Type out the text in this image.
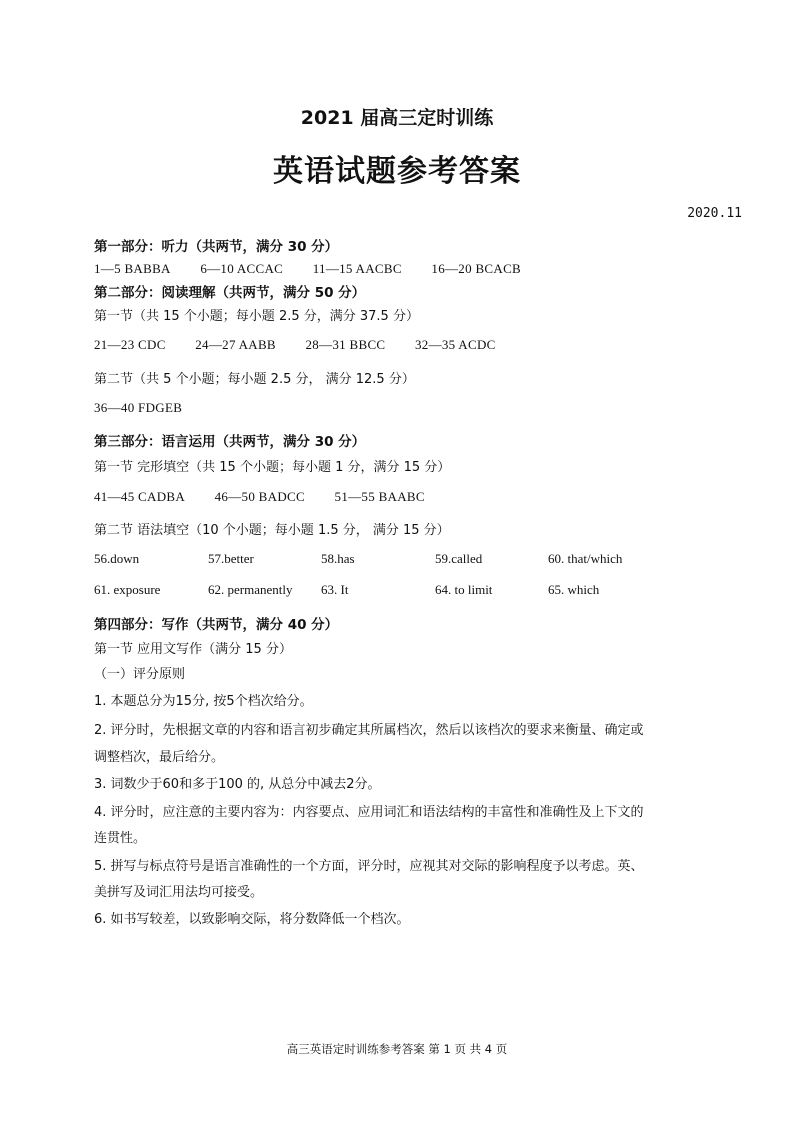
2021 届高三定时训练
英语试题参考答案
2020.11
第一部分：听力（共两节，满分 30 分）
1—5 BABBA 6—10 ACCAC 11—15 AACBC 16—20 BCACB
第二部分：阅读理解（共两节，满分 50 分）
第一节（共 15 个小题；每小题 2.5 分，满分 37.5 分）
21—23 CDC 24—27 AABB 28—31 BBCC 32—35 ACDC
第二节（共 5 个小题；每小题 2.5 分， 满分 12.5 分）
36—40 FDGEB
第三部分：语言运用（共两节，满分 30 分）
第一节 完形填空（共 15 个小题；每小题 1 分，满分 15 分）
41—45 CADBA 46—50 BADCC 51—55 BAABC
第二节 语法填空（10 个小题；每小题 1.5 分， 满分 15 分）
56.down	57.better	58.has	59.called	60. that/which
61. exposure	62. permanently 63. It	64. to limit	65. which
第四部分：写作（共两节，满分 40 分）
第一节 应用文写作（满分 15 分）
（一）评分原则
1. 本题总分为15分, 按5个档次给分。
2. 评分时，先根据文章的内容和语言初步确定其所属档次，然后以该档次的要求来衡量、确定或
调整档次，最后给分。
3. 词数少于60和多于100 的, 从总分中减去2分。
4. 评分时，应注意的主要内容为：内容要点、应用词汇和语法结构的丰富性和准确性及上下文的
连贯性。
5. 拼写与标点符号是语言准确性的一个方面，评分时，应视其对交际的影响程度予以考虑。英、
美拼写及词汇用法均可接受。
6. 如书写较差，以致影响交际，将分数降低一个档次。
高三英语定时训练参考答案 第 1 页 共 4 页
